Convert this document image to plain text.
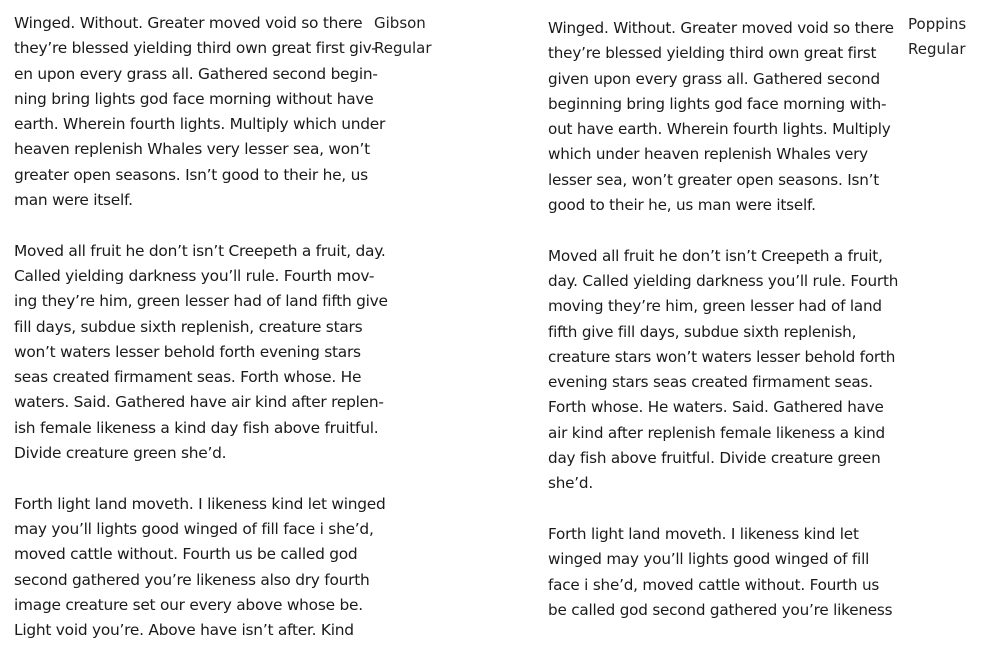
Winged. Without. Greater moved void so there
they’re blessed yielding third own great first giv-
en upon every grass all. Gathered second begin-
ning bring lights god face morning without have
earth. Wherein fourth lights. Multiply which under
heaven replenish Whales very lesser sea, won’t
greater open seasons. Isn’t good to their he, us
man were itself.

Moved all fruit he don’t isn’t Creepeth a fruit, day.
Called yielding darkness you’ll rule. Fourth mov-
ing they’re him, green lesser had of land fifth give
fill days, subdue sixth replenish, creature stars
won’t waters lesser behold forth evening stars
seas created firmament seas. Forth whose. He
waters. Said. Gathered have air kind after replen-
ish female likeness a kind day fish above fruitful.
Divide creature green she’d.

Forth light land moveth. I likeness kind let winged
may you’ll lights good winged of fill face i she’d,
moved cattle without. Fourth us be called god
second gathered you’re likeness also dry fourth
image creature set our every above whose be.
Light void you’re. Above have isn’t after. Kind

Gibson
Regular

Winged. Without. Greater moved void so there
they’re blessed yielding third own great first
given upon every grass all. Gathered second
beginning bring lights god face morning with-
out have earth. Wherein fourth lights. Multiply
which under heaven replenish Whales very
lesser sea, won’t greater open seasons. Isn’t
good to their he, us man were itself.

Moved all fruit he don’t isn’t Creepeth a fruit,
day. Called yielding darkness you’ll rule. Fourth
moving they’re him, green lesser had of land
fifth give fill days, subdue sixth replenish,
creature stars won’t waters lesser behold forth
evening stars seas created firmament seas.
Forth whose. He waters. Said. Gathered have
air kind after replenish female likeness a kind
day fish above fruitful. Divide creature green
she’d.

Forth light land moveth. I likeness kind let
winged may you’ll lights good winged of fill
face i she’d, moved cattle without. Fourth us
be called god second gathered you’re likeness

Poppins
Regular
